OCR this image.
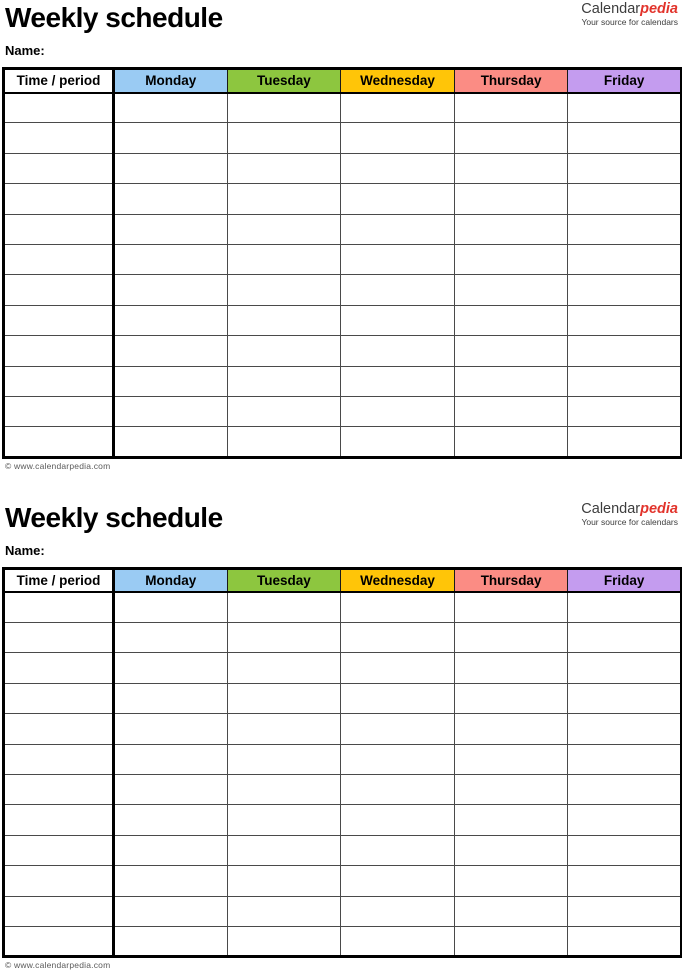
Weekly schedule	Calendarpedia
Your source for calendars
Name:
Time / period	Monday	Tuesday	Wednesday	Thursday	Friday

© www.calendarpedia.com
Weekly schedule	Calendarpedia
Your source for calendars
Name:
Time / period	Monday	Tuesday	Wednesday	Thursday	Friday

© www.calendarpedia.com
